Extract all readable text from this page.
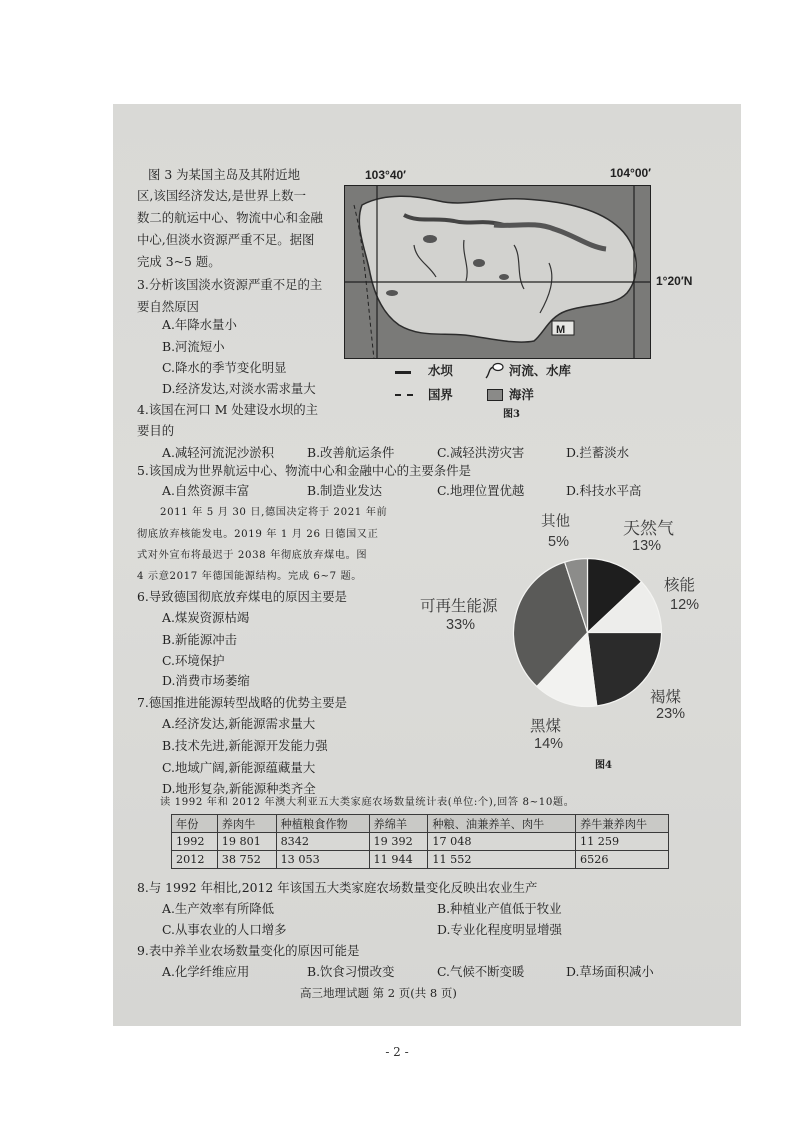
图 3 为某国主岛及其附近地
区,该国经济发达,是世界上数一
数二的航运中心、物流中心和金融
中心,但淡水资源严重不足。据图
完成 3~5 题。
103°40′	104°00′
M
1°20′N
水坝	河流、水库
国界	海洋
图3
3.分析该国淡水资源严重不足的主
要自然原因
A.年降水量小
B.河流短小
C.降水的季节变化明显
D.经济发达,对淡水需求量大
4.该国在河口 M 处建设水坝的主
要目的
A.减轻河流泥沙淤积	B.改善航运条件	C.减轻洪涝灾害	D.拦蓄淡水
5.该国成为世界航运中心、物流中心和金融中心的主要条件是
A.自然资源丰富	B.制造业发达	C.地理位置优越	D.科技水平高
2011 年 5 月 30 日,德国决定将于 2021 年前
彻底放弃核能发电。2019 年 1 月 26 日德国又正
式对外宣布将最迟于 2038 年彻底放弃煤电。图
4 示意2017 年德国能源结构。完成 6~7 题。
其他
5%
天然气
13%
核能
12%
可再生能源
33%
褐煤
23%
黑煤
14%
图4
6.导致德国彻底放弃煤电的原因主要是
A.煤炭资源枯竭
B.新能源冲击
C.环境保护
D.消费市场萎缩
7.德国推进能源转型战略的优势主要是
A.经济发达,新能源需求量大
B.技术先进,新能源开发能力强
C.地域广阔,新能源蕴藏量大
D.地形复杂,新能源种类齐全
读 1992 年和 2012 年澳大利亚五大类家庭农场数量统计表(单位:个),回答 8~10题。
年份	养肉牛	种植粮食作物	养绵羊	种粮、油兼养羊、肉牛	养牛兼养肉牛
1992	19 801	8342	19 392	17 048	11 259
2012	38 752	13 053	11 944	11 552	6526
8.与 1992 年相比,2012 年该国五大类家庭农场数量变化反映出农业生产
A.生产效率有所降低	B.种植业产值低于牧业
C.从事农业的人口增多	D.专业化程度明显增强
9.表中养羊业农场数量变化的原因可能是
A.化学纤维应用	B.饮食习惯改变	C.气候不断变暖	D.草场面积减小
高三地理试题 第 2 页(共 8 页)
- 2 -
